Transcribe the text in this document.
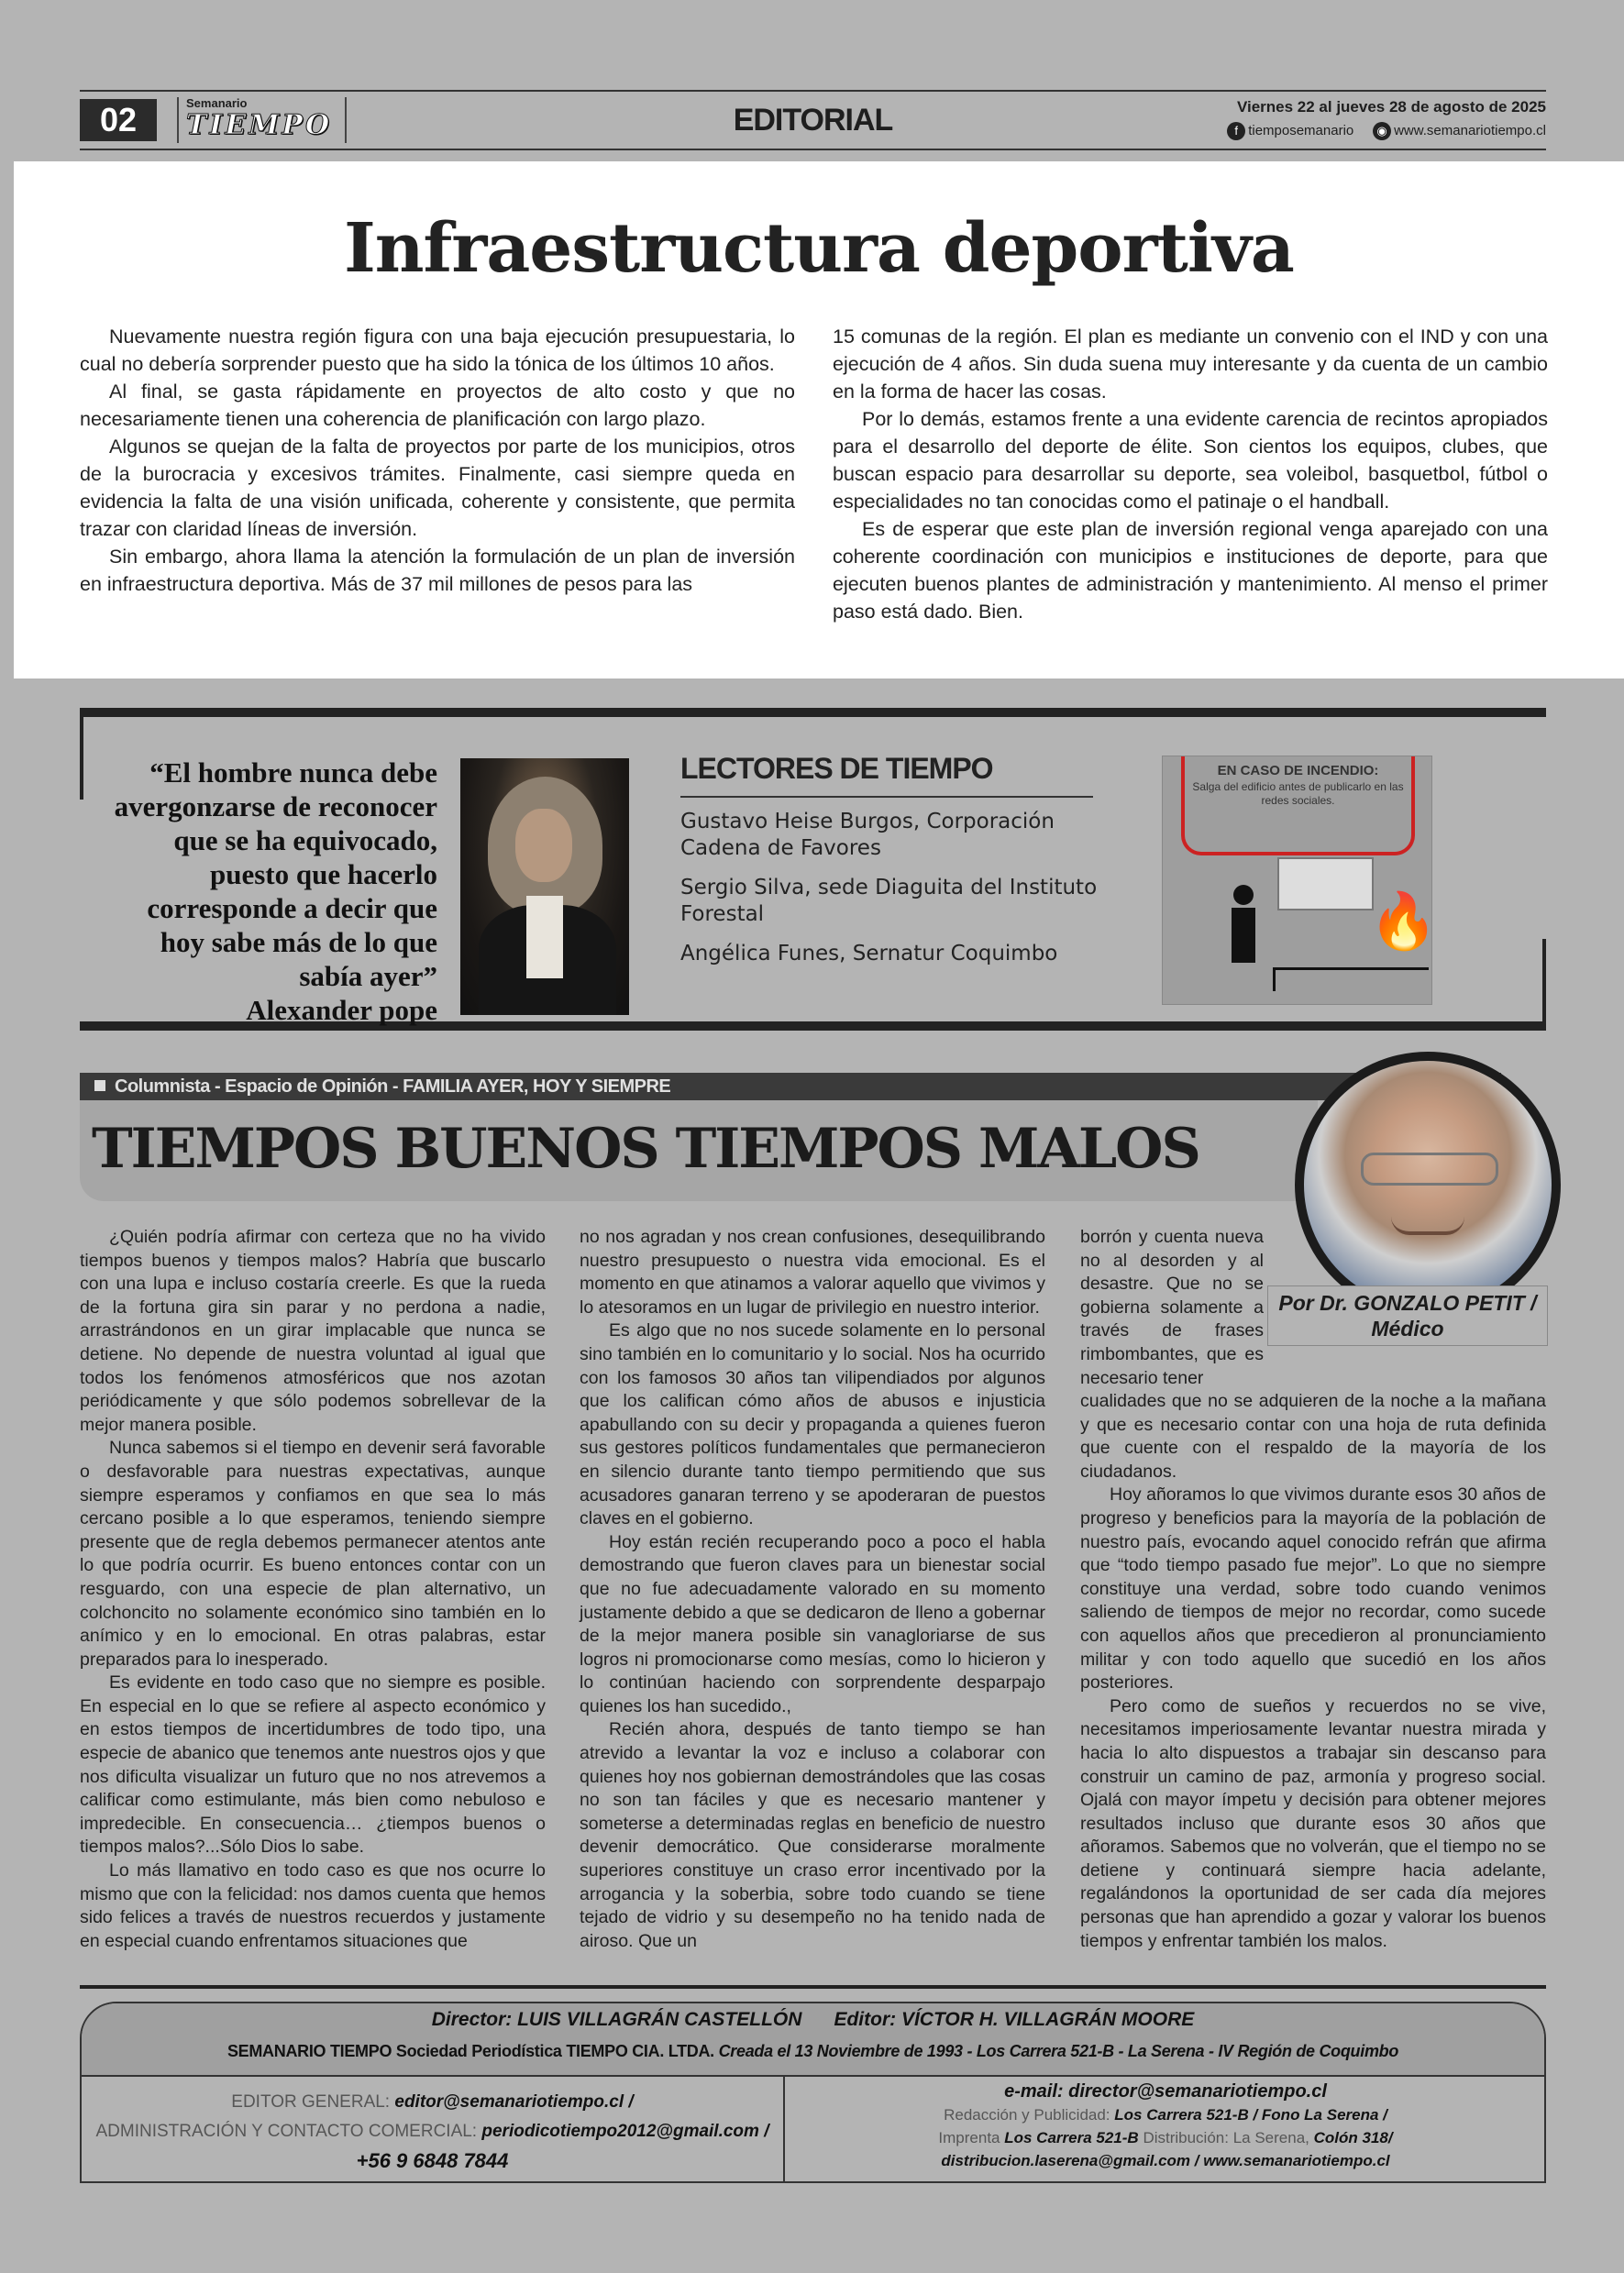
02	Semanario
TIEMPO	EDITORIAL	Viernes 22 al jueves 28 de agosto de 2025
f tiemposemanario ◉ www.semanariotiempo.cl
Infraestructura deportiva

Nuevamente nuestra región figura con una baja ejecución presupuestaria, lo cual no debería sorprender puesto que ha sido la tónica de los últimos 10 años.

Al final, se gasta rápidamente en proyectos de alto costo y que no necesariamente tienen una coherencia de planificación con largo plazo.

Algunos se quejan de la falta de proyectos por parte de los municipios, otros de la burocracia y excesivos trámites. Finalmente, casi siempre queda en evidencia la falta de una visión unificada, coherente y consistente, que permita trazar con claridad líneas de inversión.

Sin embargo, ahora llama la atención la formulación de un plan de inversión en infraestructura deportiva. Más de 37 mil millones de pesos para las

15 comunas de la región. El plan es mediante un convenio con el IND y con una ejecución de 4 años. Sin duda suena muy interesante y da cuenta de un cambio en la forma de hacer las cosas.

Por lo demás, estamos frente a una evidente carencia de recintos apropiados para el desarrollo del deporte de élite. Son cientos los equipos, clubes, que buscan espacio para desarrollar su deporte, sea voleibol, basquetbol, fútbol o especialidades no tan conocidas como el patinaje o el handball.

Es de esperar que este plan de inversión regional venga aparejado con una coherente coordinación con municipios e instituciones de deporte, para que ejecuten buenos plantes de administración y mantenimiento. Al menso el primer paso está dado. Bien.

“El hombre nunca debe avergonzarse de reconocer que se ha equivocado, puesto que hacerlo corresponde a decir que hoy sabe más de lo que sabía ayer”
Alexander pope
LECTORES DE TIEMPO
Gustavo Heise Burgos, Corporación Cadena de Favores
Sergio Silva, sede Diaguita del Instituto Forestal
Angélica Funes, Sernatur Coquimbo
EN CASO DE INCENDIO:
Salga del edificio antes de publicarlo en las redes sociales.
🔥
Columnista - Espacio de Opinión - FAMILIA AYER, HOY Y SIEMPRE
TIEMPOS BUENOS TIEMPOS MALOS
Por Dr. GONZALO PETIT /
Médico

¿Quién podría afirmar con certeza que no ha vivido tiempos buenos y tiempos malos? Habría que buscarlo con una lupa e incluso costaría creerle. Es que la rueda de la fortuna gira sin parar y no perdona a nadie, arrastrándonos en un girar implacable que nunca se detiene. No depende de nuestra voluntad al igual que todos los fenómenos atmosféricos que nos azotan periódicamente y que sólo podemos sobrellevar de la mejor manera posible.

Nunca sabemos si el tiempo en devenir será favorable o desfavorable para nuestras expectativas, aunque siempre esperamos y confiamos en que sea lo más cercano posible a lo que esperamos, teniendo siempre presente que de regla debemos permanecer atentos ante lo que podría ocurrir. Es bueno entonces contar con un resguardo, con una especie de plan alternativo, un colchoncito no solamente económico sino también en lo anímico y en lo emocional. En otras palabras, estar preparados para lo inesperado.

Es evidente en todo caso que no siempre es posible. En especial en lo que se refiere al aspecto económico y en estos tiempos de incertidumbres de todo tipo, una especie de abanico que tenemos ante nuestros ojos y que nos dificulta visualizar un futuro que no nos atrevemos a calificar como estimulante, más bien como nebuloso e impredecible. En consecuencia… ¿tiempos buenos o tiempos malos?...Sólo Dios lo sabe.

Lo más llamativo en todo caso es que nos ocurre lo mismo que con la felicidad: nos damos cuenta que hemos sido felices a través de nuestros recuerdos y justamente en especial cuando enfrentamos situaciones que

no nos agradan y nos crean confusiones, desequilibrando nuestro presupuesto o nuestra vida emocional. Es el momento en que atinamos a valorar aquello que vivimos y lo atesoramos en un lugar de privilegio en nuestro interior.

Es algo que no nos sucede solamente en lo personal sino también en lo comunitario y lo social. Nos ha ocurrido con los famosos 30 años tan vilipendiados por algunos que los califican cómo años de abusos e injusticia apabullando con su decir y propaganda a quienes fueron sus gestores políticos fundamentales que permanecieron en silencio durante tanto tiempo permitiendo que sus acusadores ganaran terreno y se apoderaran de puestos claves en el gobierno.

Hoy están recién recuperando poco a poco el habla demostrando que fueron claves para un bienestar social que no fue adecuadamente valorado en su momento justamente debido a que se dedicaron de lleno a gobernar de la mejor manera posible sin vanagloriarse de sus logros ni promocionarse como mesías, como lo hicieron y lo continúan haciendo con sorprendente desparpajo quienes los han sucedido.,

Recién ahora, después de tanto tiempo se han atrevido a levantar la voz e incluso a colaborar con quienes hoy nos gobiernan demostrándoles que las cosas no son tan fáciles y que es necesario mantener y someterse a determinadas reglas en beneficio de nuestro devenir democrático. Que considerarse moralmente superiores constituye un craso error incentivado por la arrogancia y la soberbia, sobre todo cuando se tiene tejado de vidrio y su desempeño no ha tenido nada de airoso. Que un

borrón y cuenta nueva no al desorden y al desastre. Que no se gobierna solamente a través de frases rimbombantes, que es necesario tener

cualidades que no se adquieren de la noche a la mañana y que es necesario contar con una hoja de ruta definida que cuente con el respaldo de la mayoría de los ciudadanos.

Hoy añoramos lo que vivimos durante esos 30 años de progreso y beneficios para la mayoría de la población de nuestro país, evocando aquel conocido refrán que afirma que “todo tiempo pasado fue mejor”. Lo que no siempre constituye una verdad, sobre todo cuando venimos saliendo de tiempos de mejor no recordar, como sucede con aquellos años que precedieron al pronunciamiento militar y con todo aquello que sucedió en los años posteriores.

Pero como de sueños y recuerdos no se vive, necesitamos imperiosamente levantar nuestra mirada y hacia lo alto dispuestos a trabajar sin descanso para construir un camino de paz, armonía y progreso social. Ojalá con mayor ímpetu y decisión para obtener mejores resultados incluso que durante esos 30 años que añoramos. Sabemos que no volverán, que el tiempo no se detiene y continuará siempre hacia adelante, regalándonos la oportunidad de ser cada día mejores personas que han aprendido a gozar y valorar los buenos tiempos y enfrentar también los malos.

Director: LUIS VILLAGRÁN CASTELLÓN Editor: VÍCTOR H. VILLAGRÁN MOORE
SEMANARIO TIEMPO Sociedad Periodística TIEMPO CIA. LTDA. Creada el 13 Noviembre de 1993 - Los Carrera 521-B - La Serena - IV Región de Coquimbo
EDITOR GENERAL: editor@semanariotiempo.cl /
ADMINISTRACIÓN Y CONTACTO COMERCIAL: periodicotiempo2012@gmail.com /
+56 9 6848 7844
e-mail: director@semanariotiempo.cl
Redacción y Publicidad: Los Carrera 521-B / Fono La Serena /
Imprenta Los Carrera 521-B Distribución: La Serena, Colón 318/
distribucion.laserena@gmail.com / www.semanariotiempo.cl
